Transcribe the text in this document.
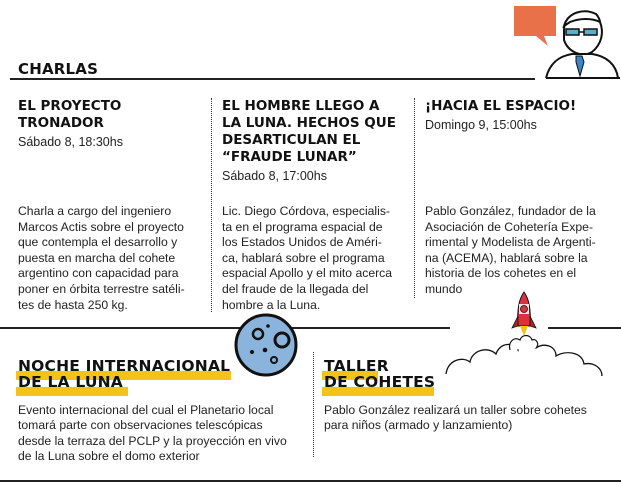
CHARLAS
EL PROYECTO TRONADOR
Sábado 8, 18:30hs
Charla a cargo del ingeniero
Marcos Actis sobre el proyecto
que contempla el desarrollo y
puesta en marcha del cohete
argentino con capacidad para
poner en órbita terrestre satéli-
tes de hasta 250 kg.
EL HOMBRE LLEGO A
LA LUNA. HECHOS QUE
DESARTICULAN EL
“FRAUDE LUNAR”
Sábado 8, 17:00hs
Lic. Diego Córdova, especialis-
ta en el programa espacial de
los Estados Unidos de Améri-
ca, hablará sobre el programa
espacial Apollo y el mito acerca
del fraude de la llegada del
hombre a la Luna.
¡HACIA EL ESPACIO!
Domingo 9, 15:00hs
Pablo González, fundador de la
Asociación de Cohetería Expe-
rimental y Modelista de Argenti-
na (ACEMA), hablará sobre la
historia de los cohetes en el
mundo
NOCHE INTERNACIONAL
DE LA LUNA
Evento internacional del cual el Planetario local
tomará parte con observaciones telescópicas
desde la terraza del PCLP y la proyección en vivo
de la Luna sobre el domo exterior
TALLER
DE COHETES
Pablo González realizará un taller sobre cohetes
para niños (armado y lanzamiento)
